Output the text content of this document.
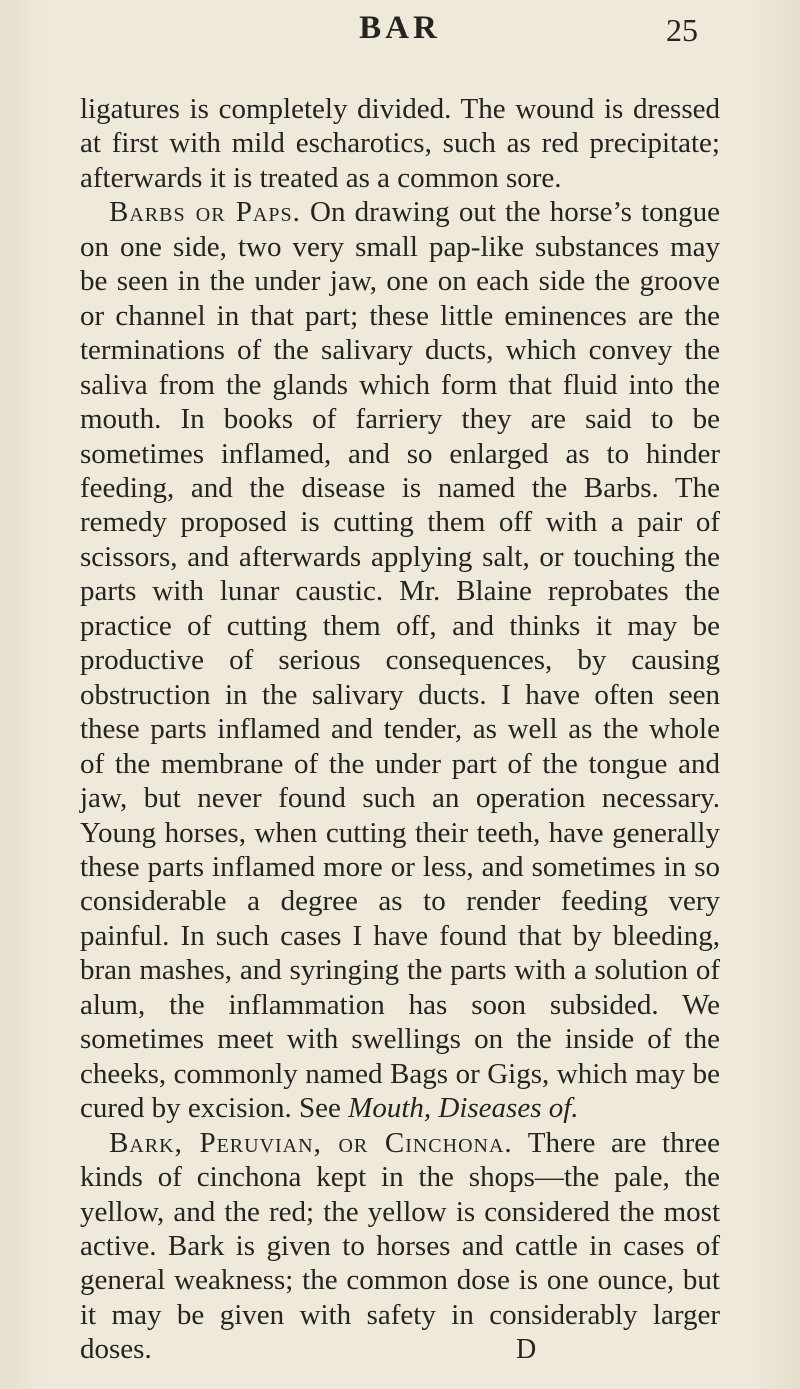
BAR	25

ligatures is completely divided. The wound is dressed at first with mild escharotics, such as red precipitate; afterwards it is treated as a common sore.

Barbs or Paps. On drawing out the horse’s tongue on one side, two very small pap-like substances may be seen in the under jaw, one on each side the groove or channel in that part; these little eminences are the terminations of the salivary ducts, which convey the saliva from the glands which form that fluid into the mouth. In books of farriery they are said to be sometimes inflamed, and so enlarged as to hinder feeding, and the disease is named the Barbs. The remedy proposed is cutting them off with a pair of scissors, and afterwards applying salt, or touching the parts with lunar caustic. Mr. Blaine reprobates the practice of cutting them off, and thinks it may be productive of serious consequences, by causing obstruction in the salivary ducts. I have often seen these parts inflamed and tender, as well as the whole of the membrane of the under part of the tongue and jaw, but never found such an operation necessary. Young horses, when cutting their teeth, have generally these parts inflamed more or less, and sometimes in so considerable a degree as to render feeding very painful. In such cases I have found that by bleeding, bran mashes, and syringing the parts with a solution of alum, the inflammation has soon subsided. We sometimes meet with swellings on the inside of the cheeks, commonly named Bags or Gigs, which may be cured by excision. See Mouth, Diseases of.

Bark, Peruvian, or Cinchona. There are three kinds of cinchona kept in the shops—the pale, the yellow, and the red; the yellow is considered the most active. Bark is given to horses and cattle in cases of general weakness; the common dose is one ounce, but it may be given with safety in considerably larger doses.	D
